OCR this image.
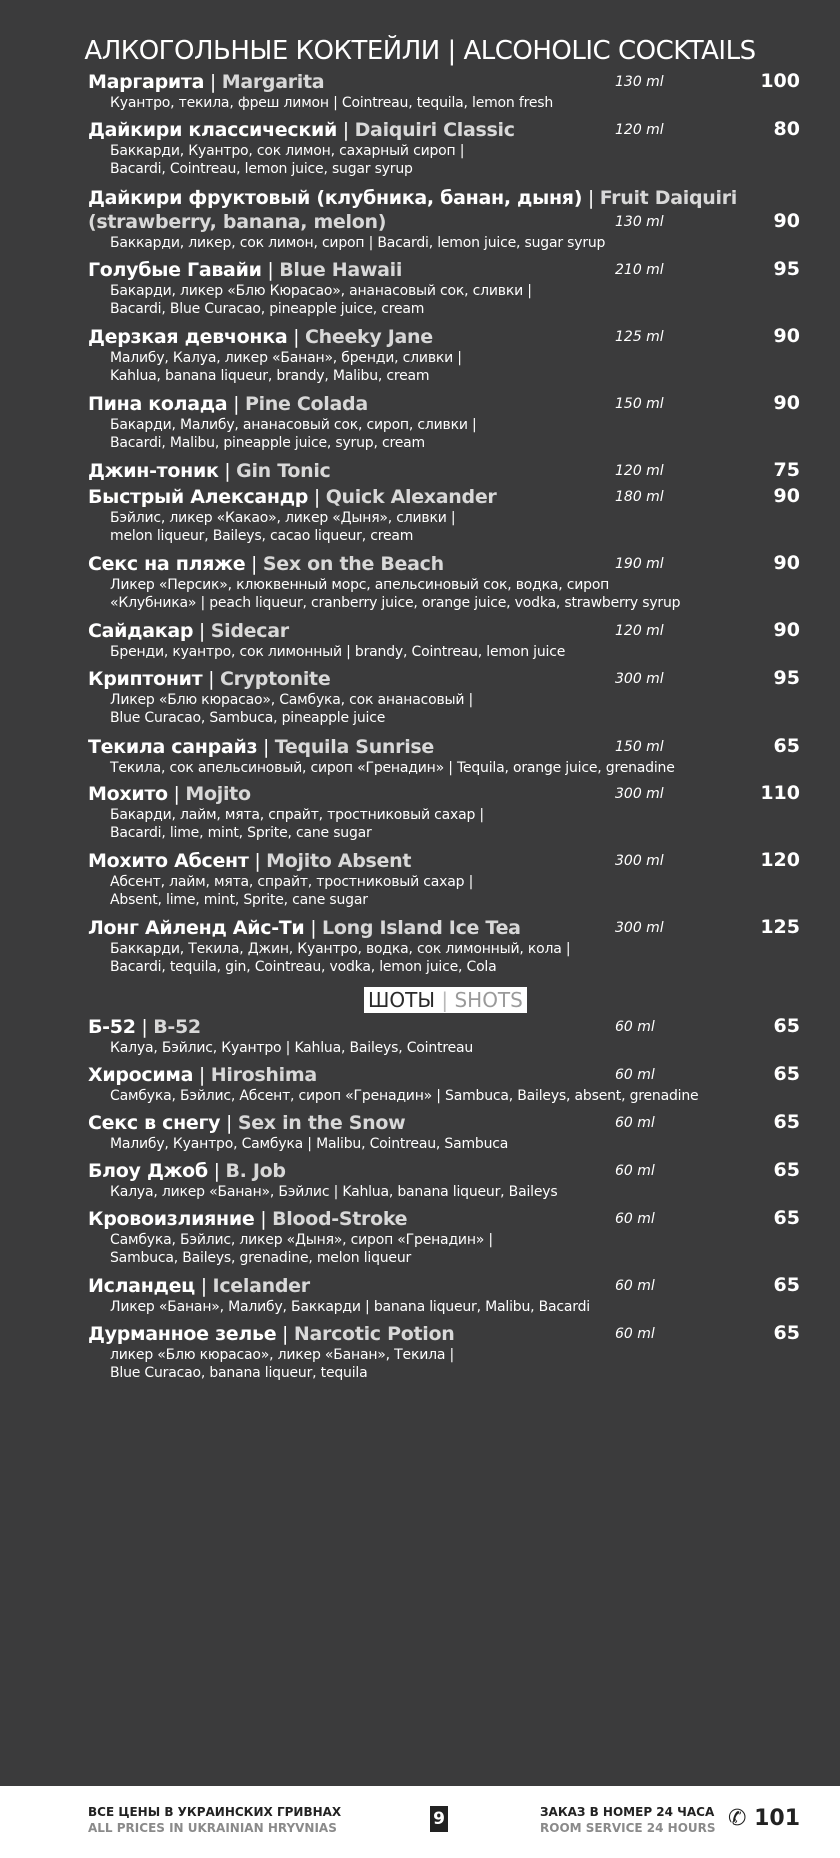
АЛКОГОЛЬНЫЕ КОКТЕЙЛИ | ALCOHOLIC COCKTAILS
Маргарита | Margarita
Куантро, текила, фреш лимон | Cointreau, tequila, lemon fresh
130 ml	100
Дайкири классический | Daiquiri Classic
Баккарди, Куантро, сок лимон, сахарный сироп |
Bacardi, Cointreau, lemon juice, sugar syrup
120 ml	80
Дайкири фруктовый (клубника, банан, дыня) | Fruit Daiquiri
(strawberry, banana, melon)
Баккарди, ликер, сок лимон, сироп | Bacardi, lemon juice, sugar syrup
130 ml	90
Голубые Гавайи | Blue Hawaii
Бакарди, ликер «Блю Кюрасао», ананасовый сок, сливки |
Bacardi, Blue Curacao, pineapple juice, cream
210 ml	95
Дерзкая девчонка | Cheeky Jane
Малибу, Калуа, ликер «Банан», бренди, сливки |
Kahlua, banana liqueur, brandy, Malibu, cream
125 ml	90
Пина колада | Pine Colada
Бакарди, Малибу, ананасовый сок, сироп, сливки |
Bacardi, Malibu, pineapple juice, syrup, cream
150 ml	90
Джин-тоник | Gin Tonic	120 ml	75
Быстрый Александр | Quick Alexander
Бэйлис, ликер «Какао», ликер «Дыня», сливки |
melon liqueur, Baileys, cacao liqueur, cream
180 ml	90
Секс на пляже | Sex on the Beach
Ликер «Персик», клюквенный морс, апельсиновый сок, водка, сироп
«Клубника» | peach liqueur, cranberry juice, orange juice, vodka, strawberry syrup
190 ml	90
Сайдакар | Sidecar
Бренди, куантро, сок лимонный | brandy, Cointreau, lemon juice
120 ml	90
Криптонит | Cryptonite
Ликер «Блю кюрасао», Самбука, сок ананасовый |
Blue Curacao, Sambuca, pineapple juice
300 ml	95
Текила санрайз | Tequila Sunrise
Текила, сок апельсиновый, сироп «Гренадин» | Tequila, orange juice, grenadine
150 ml	65
Мохито | Mojito
Бакарди, лайм, мята, спрайт, тростниковый сахар |
Bacardi, lime, mint, Sprite, cane sugar
300 ml	110
Мохито Абсент | Mojito Absent
Абсент, лайм, мята, спрайт, тростниковый сахар |
Absent, lime, mint, Sprite, cane sugar
300 ml	120
Лонг Айленд Айс-Ти | Long Island Ice Tea
Баккарди, Текила, Джин, Куантро, водка, сок лимонный, кола |
Bacardi, tequila, gin, Cointreau, vodka, lemon juice, Cola
300 ml	125
ШОТЫ | SHOTS
Б-52 | B-52
Калуа, Бэйлис, Куантро | Kahlua, Baileys, Cointreau
60 ml	65
Хиросима | Hiroshima
Самбука, Бэйлис, Абсент, сироп «Гренадин» | Sambuca, Baileys, absent, grenadine
60 ml	65
Секс в снегу | Sex in the Snow
Малибу, Куантро, Самбука | Malibu, Cointreau, Sambuca
60 ml	65
Блоу Джоб | B. Job
Калуа, ликер «Банан», Бэйлис | Kahlua, banana liqueur, Baileys
60 ml	65
Кровоизлияние | Blood-Stroke
Самбука, Бэйлис, ликер «Дыня», сироп «Гренадин» |
Sambuca, Baileys, grenadine, melon liqueur
60 ml	65
Исландец | Icelander
Ликер «Банан», Малибу, Баккарди | banana liqueur, Malibu, Bacardi
60 ml	65
Дурманное зелье | Narcotic Potion
ликер «Блю кюрасао», ликер «Банан», Текила |
Blue Curacao, banana liqueur, tequila
60 ml	65
ВСЕ ЦЕНЫ В УКРАИНСКИХ ГРИВНАХ
ALL PRICES IN UKRAINIAN HRYVNIAS	9	ЗАКАЗ В НОМЕР 24 ЧАСА
ROOM SERVICE 24 HOURS ✆ 101
